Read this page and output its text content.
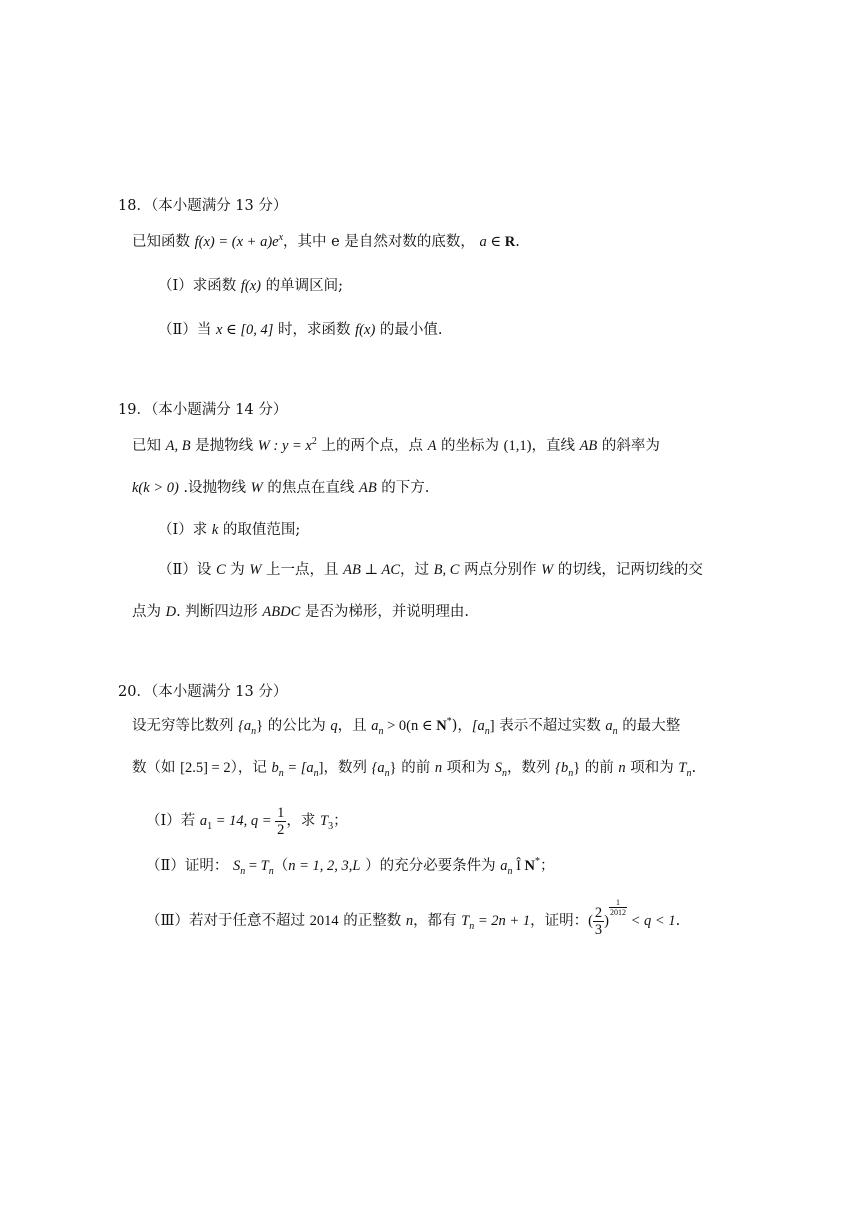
18．（本小题满分 13 分）
已知函数 $f(x) = (x + a)e^x$，其中 e 是自然对数的底数， a ∈ R.
（Ⅰ）求函数 f(x) 的单调区间;
（Ⅱ）当 x ∈ [0, 4] 时，求函数 f(x) 的最小值.
19．（本小题满分 14 分）
已知 A, B 是抛物线 W : $y = x^2$ 上的两个点，点 A 的坐标为 (1,1)，直线 AB 的斜率为
k(k > 0) .设抛物线 W 的焦点在直线 AB 的下方.
（Ⅰ）求 k 的取值范围;
（Ⅱ）设 C 为 W 上一点，且 AB ⊥ AC，过 B, C 两点分别作 W 的切线，记两切线的交
点为 D. 判断四边形 ABDC 是否为梯形，并说明理由.
20．（本小题满分 13 分）
设无穷等比数列 $\{a_n\}$ 的公比为 q，且 $a_n > 0(n$ ∈ N*)，$[a_n]$ 表示不超过实数 $a_n$ 的最大整
数（如 [2.5] = 2），记 $b_n = [a_n]$，数列 $\{a_n\}$ 的前 n 项和为 $S_n$，数列 $\{b_n\}$ 的前 n 项和为 $T_n$.
（Ⅰ）若 $a_1 = 14$, $q = \frac{1}{2}$ ，求 $T_3$；
（Ⅱ）证明： $S_n = T_n(n = 1$, 2, 3,L ）的充分必要条件为 $a_n$ Î N*；
（Ⅲ）若对于任意不超过 2014 的正整数 n，都有 $T_n = 2n + 1$，证明：( $\frac{2}{3}$ )
$\frac{1}{2012}$
< q < 1.
